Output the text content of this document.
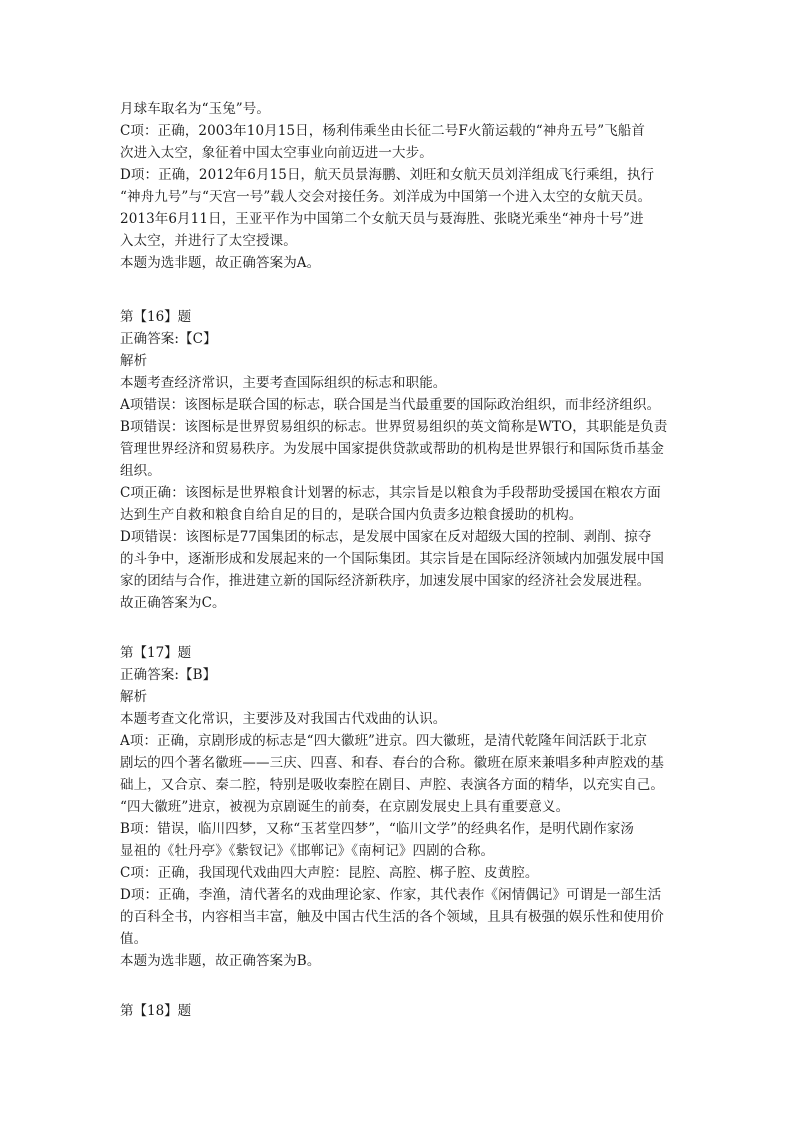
月球车取名为“玉兔”号。
C项：正确，2003年10月15日，杨利伟乘坐由长征二号F火箭运载的“神舟五号”飞船首
次进入太空，象征着中国太空事业向前迈进一大步。
D项：正确，2012年6月15日，航天员景海鹏、刘旺和女航天员刘洋组成飞行乘组，执行
“神舟九号”与“天宫一号”载人交会对接任务。刘洋成为中国第一个进入太空的女航天员。
2013年6月11日，王亚平作为中国第二个女航天员与聂海胜、张晓光乘坐“神舟十号”进
入太空，并进行了太空授课。
本题为选非题，故正确答案为A。
第【16】题
正确答案:【C】
解析
本题考查经济常识，主要考查国际组织的标志和职能。
A项错误：该图标是联合国的标志，联合国是当代最重要的国际政治组织，而非经济组织。
B项错误：该图标是世界贸易组织的标志。世界贸易组织的英文简称是WTO，其职能是负责
管理世界经济和贸易秩序。为发展中国家提供贷款或帮助的机构是世界银行和国际货币基金
组织。
C项正确：该图标是世界粮食计划署的标志，其宗旨是以粮食为手段帮助受援国在粮农方面
达到生产自救和粮食自给自足的目的，是联合国内负责多边粮食援助的机构。
D项错误：该图标是77国集团的标志，是发展中国家在反对超级大国的控制、剥削、掠夺
的斗争中，逐渐形成和发展起来的一个国际集团。其宗旨是在国际经济领域内加强发展中国
家的团结与合作，推进建立新的国际经济新秩序，加速发展中国家的经济社会发展进程。
故正确答案为C。
第【17】题
正确答案:【B】
解析
本题考查文化常识，主要涉及对我国古代戏曲的认识。
A项：正确，京剧形成的标志是“四大徽班”进京。四大徽班，是清代乾隆年间活跃于北京
剧坛的四个著名徽班——三庆、四喜、和春、春台的合称。徽班在原来兼唱多种声腔戏的基
础上，又合京、秦二腔，特别是吸收秦腔在剧目、声腔、表演各方面的精华，以充实自己。
“四大徽班”进京，被视为京剧诞生的前奏，在京剧发展史上具有重要意义。
B项：错误，临川四梦，又称“玉茗堂四梦”，“临川文学”的经典名作，是明代剧作家汤
显祖的《牡丹亭》《紫钗记》《邯郸记》《南柯记》四剧的合称。
C项：正确，我国现代戏曲四大声腔：昆腔、高腔、梆子腔、皮黄腔。
D项：正确，李渔，清代著名的戏曲理论家、作家，其代表作《闲情偶记》可谓是一部生活
的百科全书，内容相当丰富，触及中国古代生活的各个领域，且具有极强的娱乐性和使用价
值。
本题为选非题，故正确答案为B。
第【18】题
